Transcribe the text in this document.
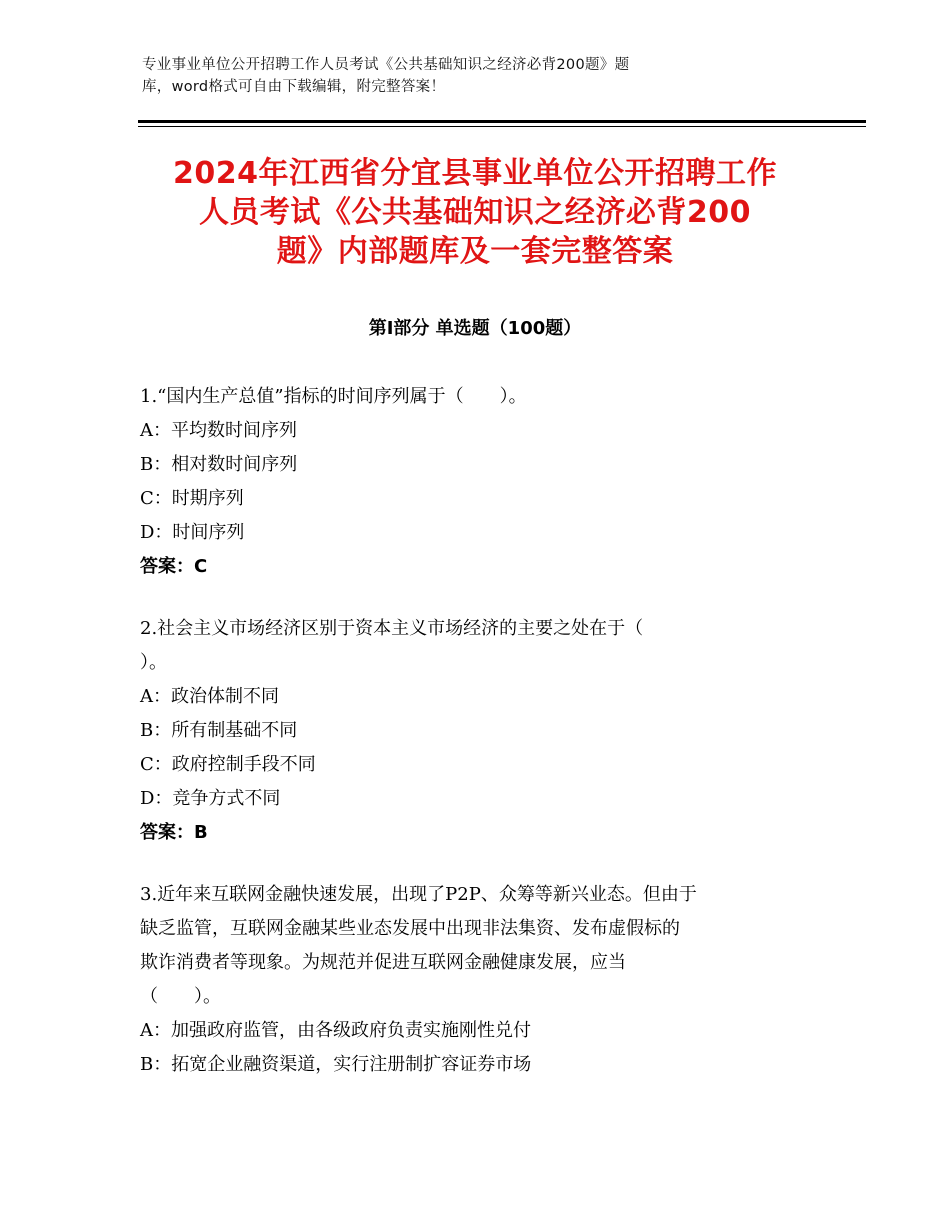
专业事业单位公开招聘工作人员考试《公共基础知识之经济必背200题》题
库，word格式可自由下载编辑，附完整答案！
2024年江西省分宜县事业单位公开招聘工作
人员考试《公共基础知识之经济必背200
题》内部题库及一套完整答案
第Ⅰ部分 单选题（100题）
1.“国内生产总值”指标的时间序列属于（　　）。
A：平均数时间序列
B：相对数时间序列
C：时期序列
D：时间序列
答案：C
2.社会主义市场经济区别于资本主义市场经济的主要之处在于（
）。
A：政治体制不同
B：所有制基础不同
C：政府控制手段不同
D：竞争方式不同
答案：B
3.近年来互联网金融快速发展，出现了P2P、众筹等新兴业态。但由于
缺乏监管，互联网金融某些业态发展中出现非法集资、发布虚假标的
欺诈消费者等现象。为规范并促进互联网金融健康发展，应当
（　　）。
A：加强政府监管，由各级政府负责实施刚性兑付
B：拓宽企业融资渠道，实行注册制扩容证券市场
